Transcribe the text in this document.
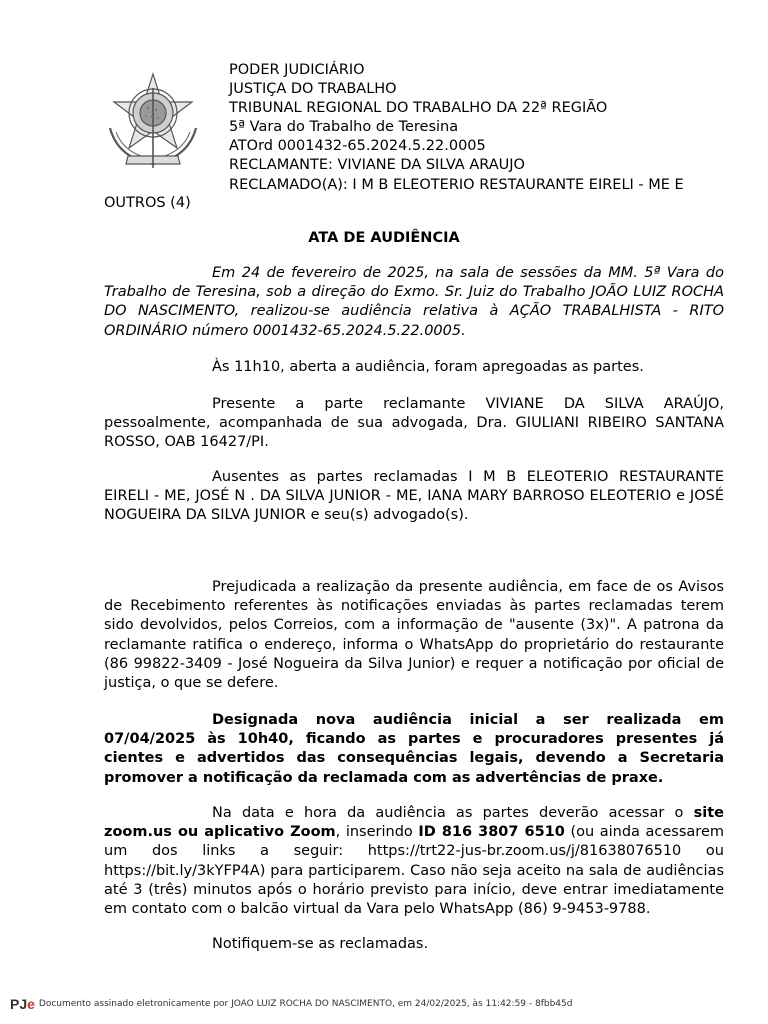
PODER JUDICIÁRIO
JUSTIÇA DO TRABALHO
TRIBUNAL REGIONAL DO TRABALHO DA 22ª REGIÃO
5ª Vara do Trabalho de Teresina
ATOrd 0001432-65.2024.5.22.0005
RECLAMANTE: VIVIANE DA SILVA ARAUJO
RECLAMADO(A): I M B ELEOTERIO RESTAURANTE EIRELI - ME E
OUTROS (4)
ATA DE AUDIÊNCIA

Em 24 de fevereiro de 2025, na sala de sessões da MM. 5ª Vara do Trabalho de Teresina, sob a direção do Exmo. Sr. Juiz do Trabalho JOÃO LUIZ ROCHA DO NASCIMENTO, realizou-se audiência relativa à AÇÃO TRABALHISTA - RITO ORDINÁRIO número 0001432-65.2024.5.22.0005.

Às 11h10, aberta a audiência, foram apregoadas as partes.

Presente a parte reclamante VIVIANE DA SILVA ARAÚJO, pessoalmente, acompanhada de sua advogada, Dra. GIULIANI RIBEIRO SANTANA ROSSO, OAB 16427/PI.

Ausentes as partes reclamadas I M B ELEOTERIO RESTAURANTE EIRELI - ME, JOSÉ N . DA SILVA JUNIOR - ME, IANA MARY BARROSO ELEOTERIO e JOSÉ NOGUEIRA DA SILVA JUNIOR e seu(s) advogado(s).

Prejudicada a realização da presente audiência, em face de os Avisos de Recebimento referentes às notificações enviadas às partes reclamadas terem sido devolvidos, pelos Correios, com a informação de "ausente (3x)". A patrona da reclamante ratifica o endereço, informa o WhatsApp do proprietário do restaurante (86 99822-3409 - José Nogueira da Silva Junior) e requer a notificação por oficial de justiça, o que se defere.

Designada nova audiência inicial a ser realizada em 07/04/2025 às 10h40, ficando as partes e procuradores presentes já cientes e advertidos das consequências legais, devendo a Secretaria promover a notificação da reclamada com as advertências de praxe.

Na data e hora da audiência as partes deverão acessar o site zoom.us ou aplicativo Zoom, inserindo ID 816 3807 6510 (ou ainda acessarem um dos links a seguir: https://trt22-jus-br.zoom.us/j/81638076510 ou https://bit.ly/3kYFP4A) para participarem. Caso não seja aceito na sala de audiências até 3 (três) minutos após o horário previsto para início, deve entrar imediatamente em contato com o balcão virtual da Vara pelo WhatsApp (86) 9-9453-9788.

Notifiquem-se as reclamadas.

PJe Documento assinado eletronicamente por JOAO LUIZ ROCHA DO NASCIMENTO, em 24/02/2025, às 11:42:59 - 8fbb45d
